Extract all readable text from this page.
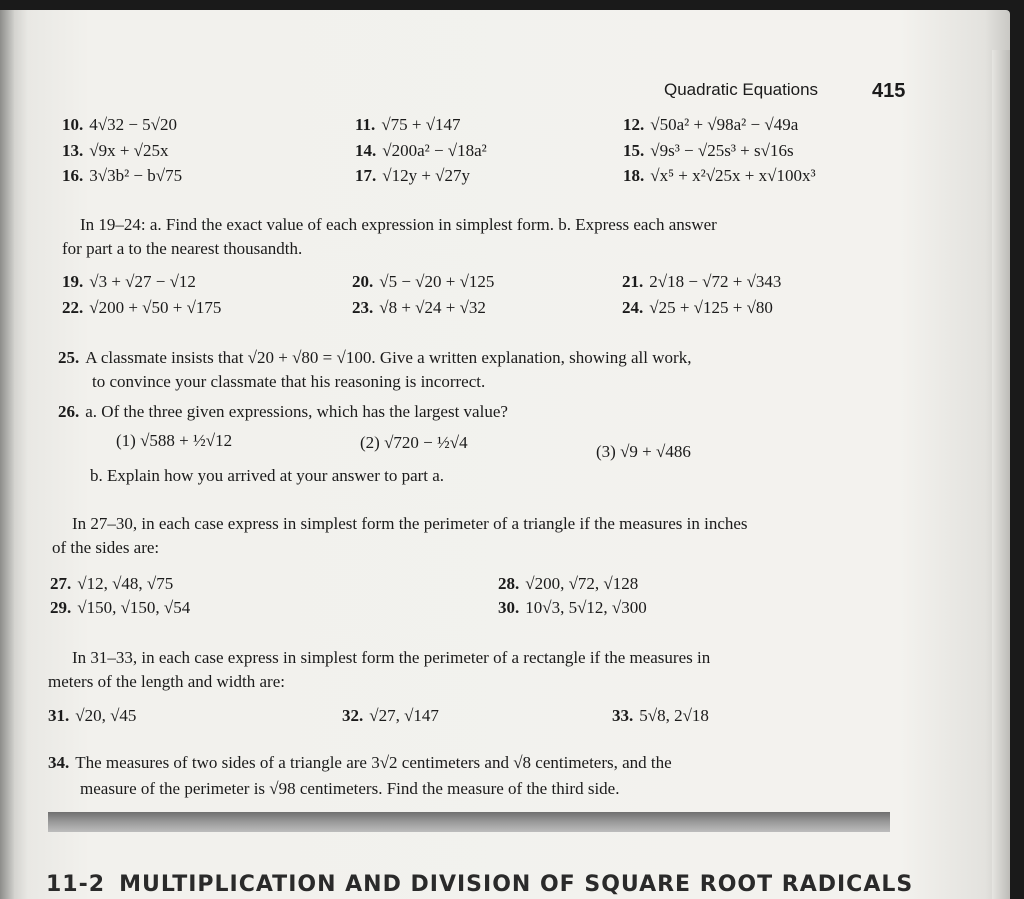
Quadratic Equations	415
10. 4√32 − 5√20	11. √75 + √147	12. √50a² + √98a² − √49a
13. √9x + √25x	14. √200a² − √18a²	15. √9s³ − √25s³ + s√16s
16. 3√3b² − b√75	17. √12y + √27y	18. √x⁵ + x²√25x + x√100x³
In 19–24: a. Find the exact value of each expression in simplest form. b. Express each answer
for part a to the nearest thousandth.
19. √3 + √27 − √12	20. √5 − √20 + √125	21. 2√18 − √72 + √343
22. √200 + √50 + √175	23. √8 + √24 + √32	24. √25 + √125 + √80
25. A classmate insists that √20 + √80 = √100. Give a written explanation, showing all work,
to convince your classmate that his reasoning is incorrect.
26. a. Of the three given expressions, which has the largest value?
(1) √588 + ½√12	(2) √720 − ½√4	(3) √9 + √486
b. Explain how you arrived at your answer to part a.
In 27–30, in each case express in simplest form the perimeter of a triangle if the measures in inches
of the sides are:
27. √12, √48, √75	28. √200, √72, √128
29. √150, √150, √54	30. 10√3, 5√12, √300
In 31–33, in each case express in simplest form the perimeter of a rectangle if the measures in
meters of the length and width are:
31. √20, √45	32. √27, √147	33. 5√8, 2√18
34. The measures of two sides of a triangle are 3√2 centimeters and √8 centimeters, and the
measure of the perimeter is √98 centimeters. Find the measure of the third side.
11-2 MULTIPLICATION AND DIVISION OF SQUARE ROOT RADICALS
